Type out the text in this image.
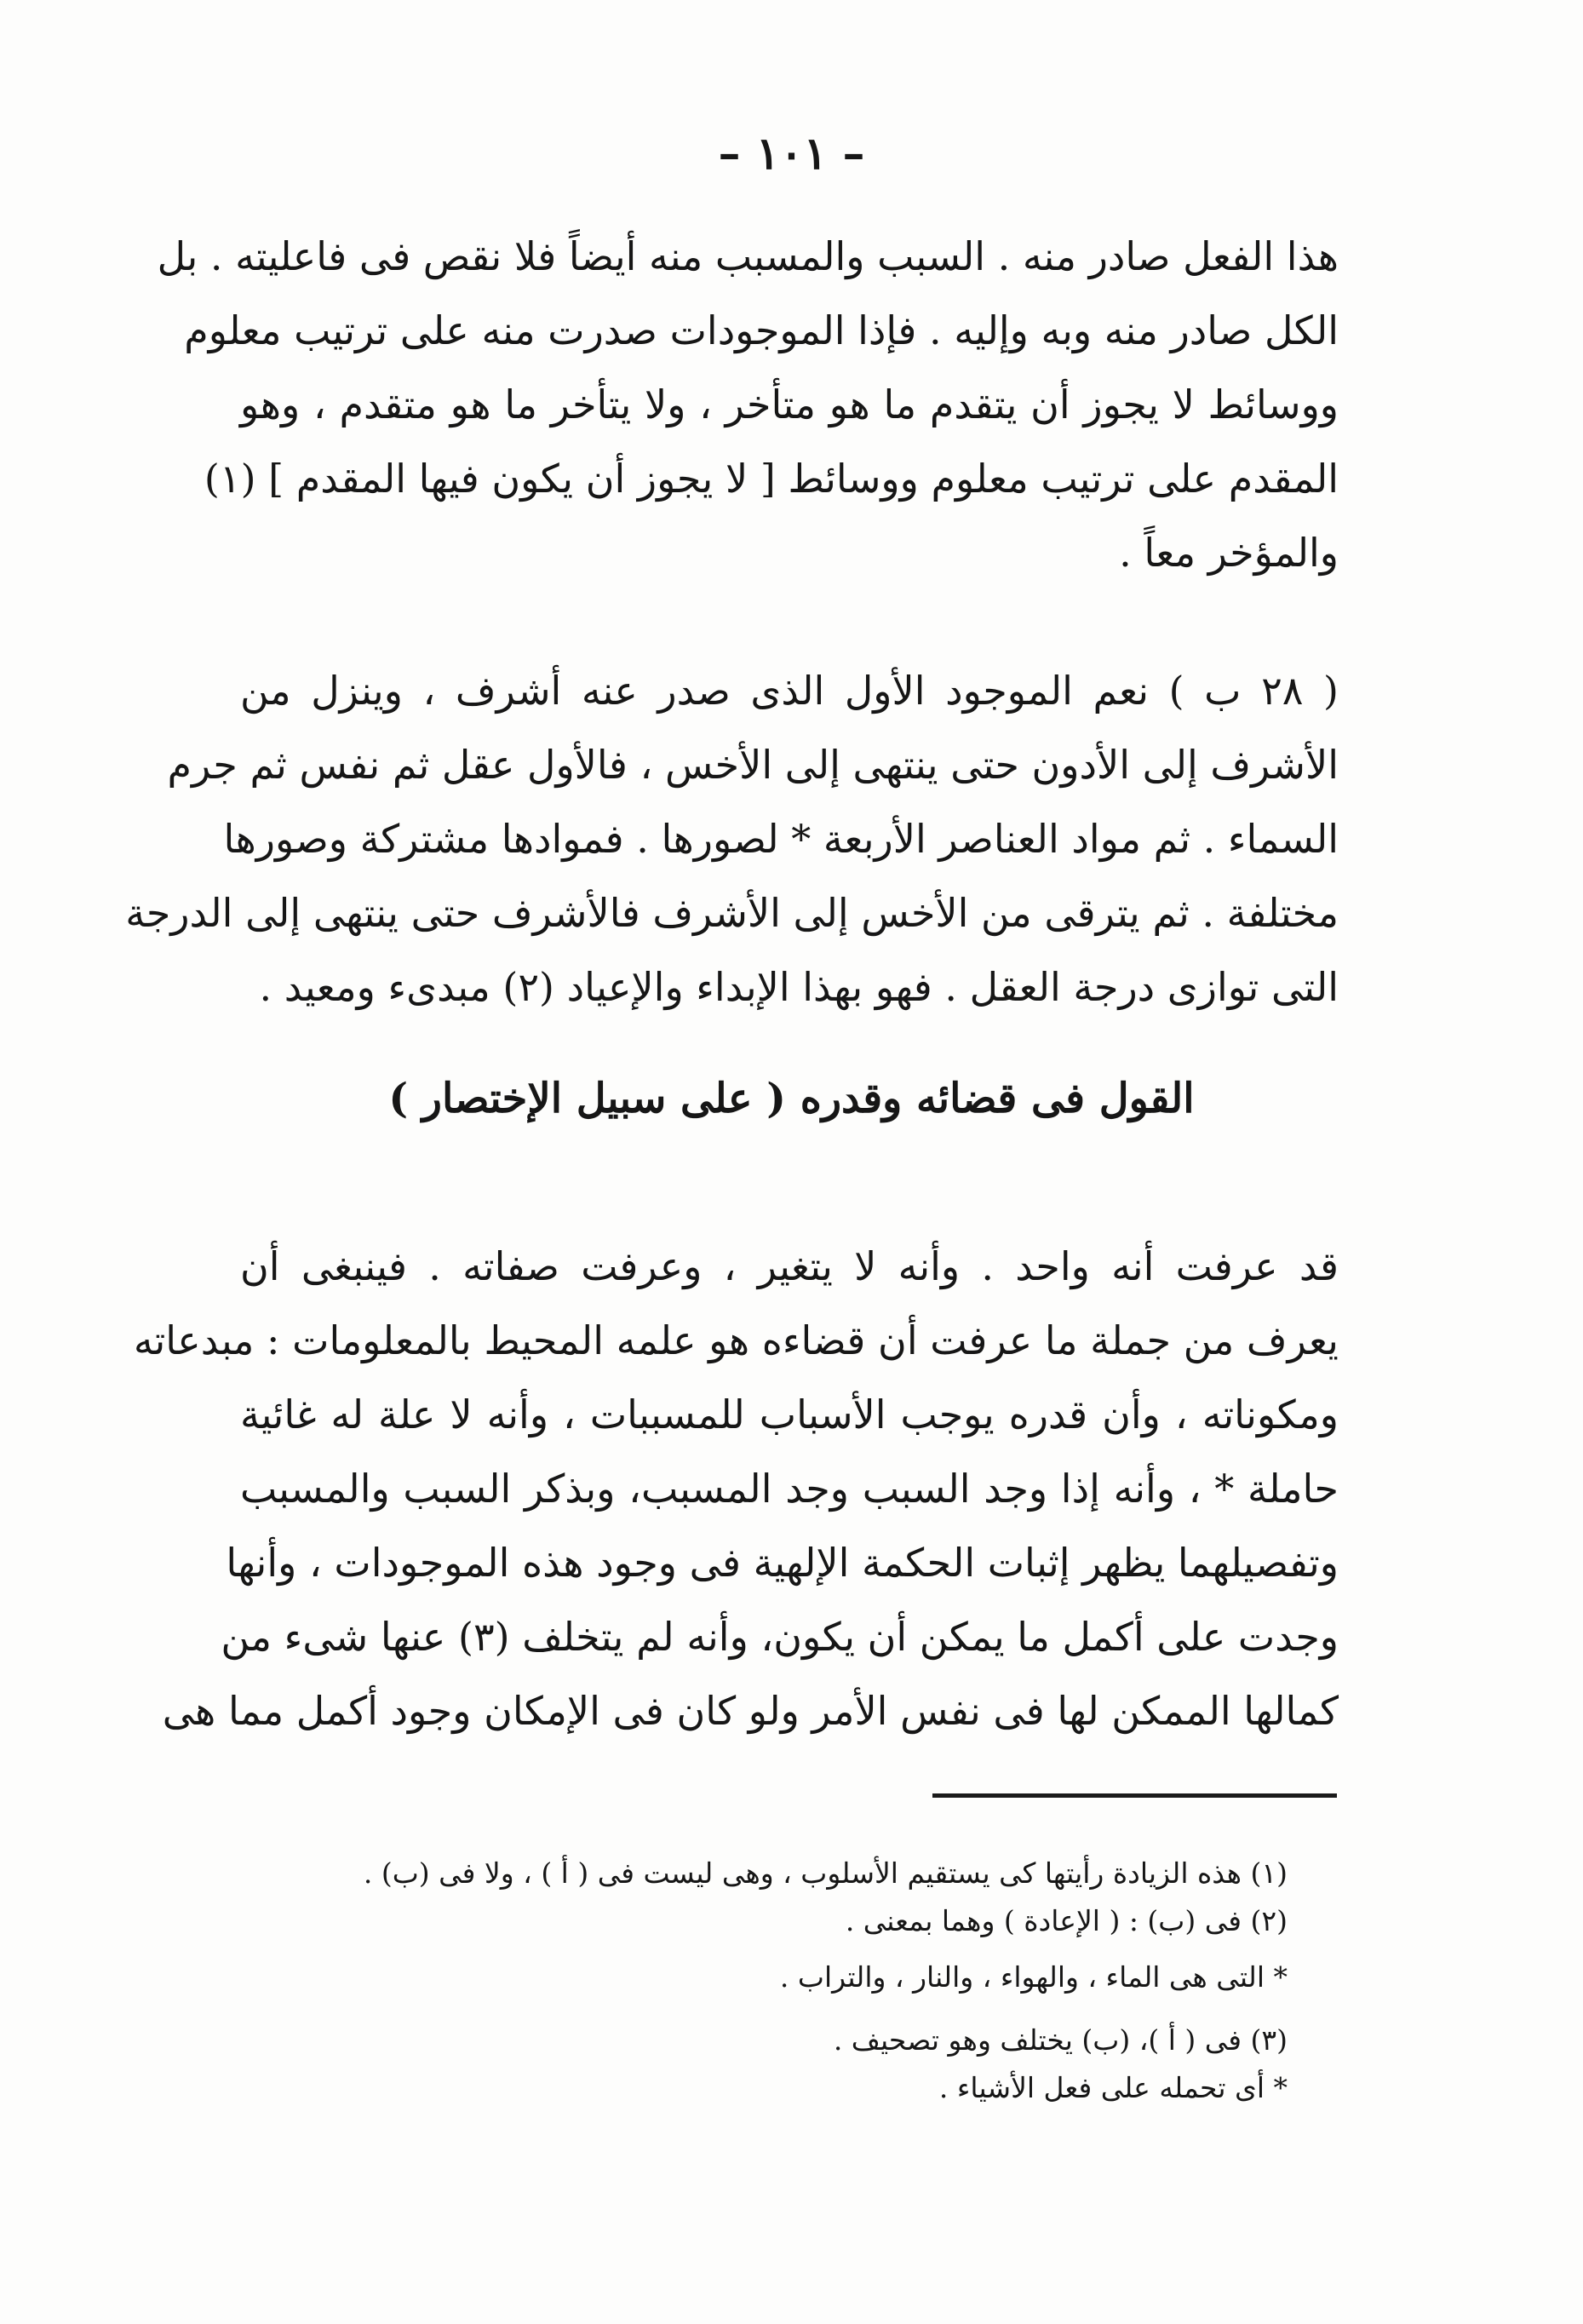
– ١٠١ –
هذا الفعل صادر منه . السبب والمسبب منه أيضاً فلا نقص فى فاعليته . بل
الكل صادر منه وبه وإليه . فإذا الموجودات صدرت منه على ترتيب معلوم
ووسائط لا يجوز أن يتقدم ما هو متأخر ، ولا يتأخر ما هو متقدم ، وهو
المقدم على ترتيب معلوم ووسائط [ لا يجوز أن يكون فيها المقدم ] (١)
والمؤخر معاً .
( ٢٨ ب ) نعم الموجود الأول الذى صدر عنه أشرف ، وينزل من
الأشرف إلى الأدون حتى ينتهى إلى الأخس ، فالأول عقل ثم نفس ثم جرم
السماء . ثم مواد العناصر الأربعة * لصورها . فموادها مشتركة وصورها
مختلفة . ثم يترقى من الأخس إلى الأشرف فالأشرف حتى ينتهى إلى الدرجة
التى توازى درجة العقل . فهو بهذا الإبداء والإعياد (٢) مبدىء ومعيد .
القول فى قضائه وقدره ( على سبيل الإختصار )
قد عرفت أنه واحد . وأنه لا يتغير ، وعرفت صفاته . فينبغى أن
يعرف من جملة ما عرفت أن قضاءه هو علمه المحيط بالمعلومات : مبدعاته
ومكوناته ، وأن قدره يوجب الأسباب للمسببات ، وأنه لا علة له غائية
حاملة * ، وأنه إذا وجد السبب وجد المسبب، وبذكر السبب والمسبب
وتفصيلهما يظهر إثبات الحكمة الإلهية فى وجود هذه الموجودات ، وأنها
وجدت على أكمل ما يمكن أن يكون، وأنه لم يتخلف (٣) عنها شىء من
كمالها الممكن لها فى نفس الأمر ولو كان فى الإمكان وجود أكمل مما هى
(١) هذه الزيادة رأيتها كى يستقيم الأسلوب ، وهى ليست فى ( أ ) ، ولا فى (ب) .
(٢) فى (ب) : ( الإعادة ) وهما بمعنى .
* التى هى الماء ، والهواء ، والنار ، والتراب .
(٣) فى ( أ )، (ب) يختلف وهو تصحيف .
* أى تحمله على فعل الأشياء .
